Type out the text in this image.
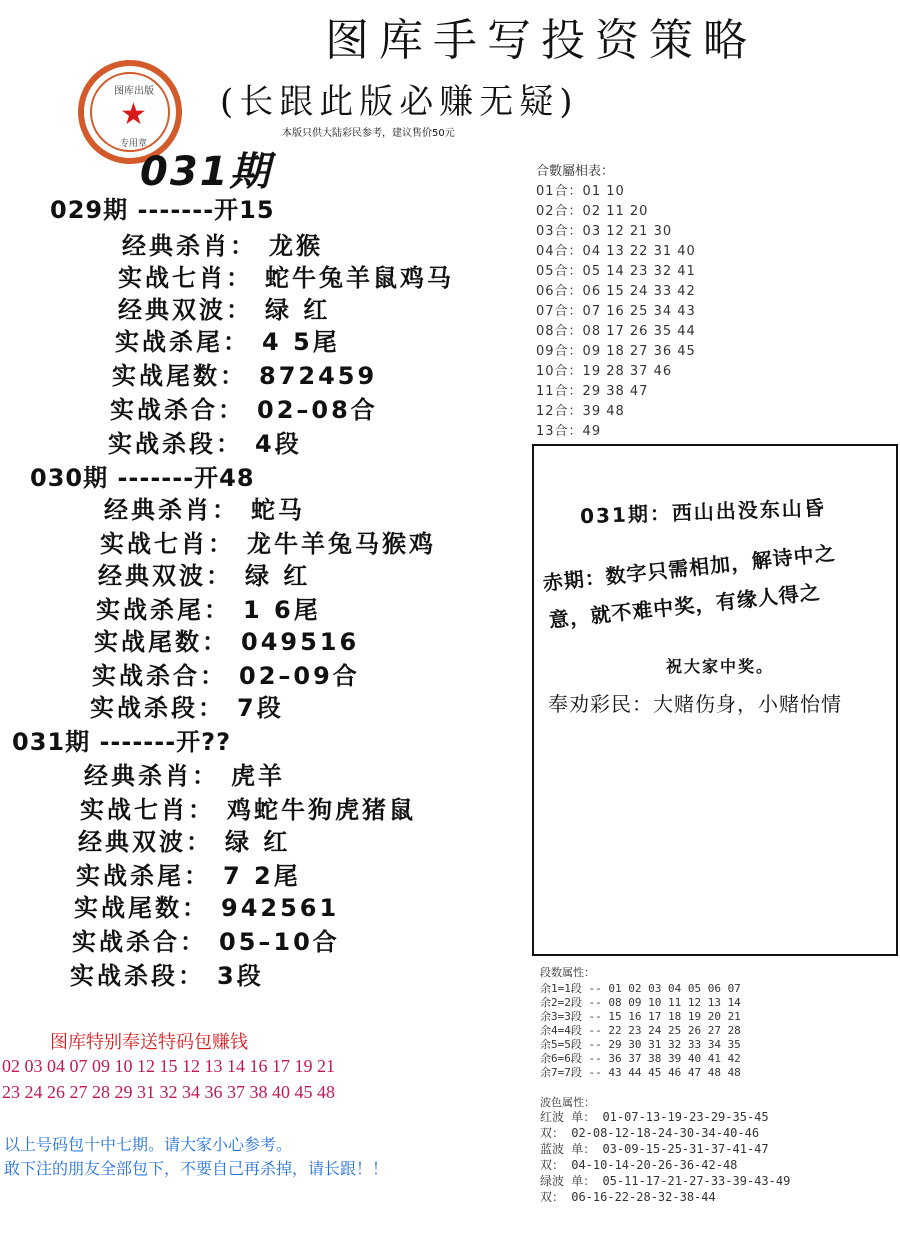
图库手写投资策略
(长跟此版必赚无疑)
本版只供大陆彩民参考，建议售价50元
图库出版
★
专用章
031期
029期 -------开15
经典杀肖： 龙猴
实战七肖： 蛇牛兔羊鼠鸡马
经典双波： 绿 红
实战杀尾： 4 5尾
实战尾数： 872459
实战杀合： 02–08合
实战杀段： 4段
030期 -------开48
经典杀肖： 蛇马
实战七肖： 龙牛羊兔马猴鸡
经典双波： 绿 红
实战杀尾： 1 6尾
实战尾数： 049516
实战杀合： 02–09合
实战杀段： 7段
031期 -------开??
经典杀肖： 虎羊
实战七肖： 鸡蛇牛狗虎猪鼠
经典双波： 绿 红
实战杀尾： 7 2尾
实战尾数： 942561
实战杀合： 05–10合
实战杀段： 3段
合數屬相表：
01合：01 10
02合：02 11 20
03合：03 12 21 30
04合：04 13 22 31 40
05合：05 14 23 32 41
06合：06 15 24 33 42
07合：07 16 25 34 43
08合：08 17 26 35 44
09合：09 18 27 36 45
10合：19 28 37 46
11合：29 38 47
12合：39 48
13合：49
031期：西山出没东山昏
赤期：数字只需相加，解诗中之
意，就不难中奖，有缘人得之
祝大家中奖。
奉劝彩民：大赌伤身，小赌怡情
段数属性：
余1=1段 -- 01 02 03 04 05 06 07
余2=2段 -- 08 09 10 11 12 13 14
余3=3段 -- 15 16 17 18 19 20 21
余4=4段 -- 22 23 24 25 26 27 28
余5=5段 -- 29 30 31 32 33 34 35
余6=6段 -- 36 37 38 39 40 41 42
余7=7段 -- 43 44 45 46 47 48 48
波色属性：
红波 单： 01-07-13-19-23-29-35-45
双： 02-08-12-18-24-30-34-40-46
蓝波 单： 03-09-15-25-31-37-41-47
双： 04-10-14-20-26-36-42-48
绿波 单： 05-11-17-21-27-33-39-43-49
双： 06-16-22-28-32-38-44
图库特别奉送特码包赚钱
02 03 04 07 09 10 12 15 12 13 14 16 17 19 21
23 24 26 27 28 29 31 32 34 36 37 38 40 45 48
以上号码包十中七期。请大家小心参考。
敢下注的朋友全部包下，不要自己再杀掉，请长跟！！
